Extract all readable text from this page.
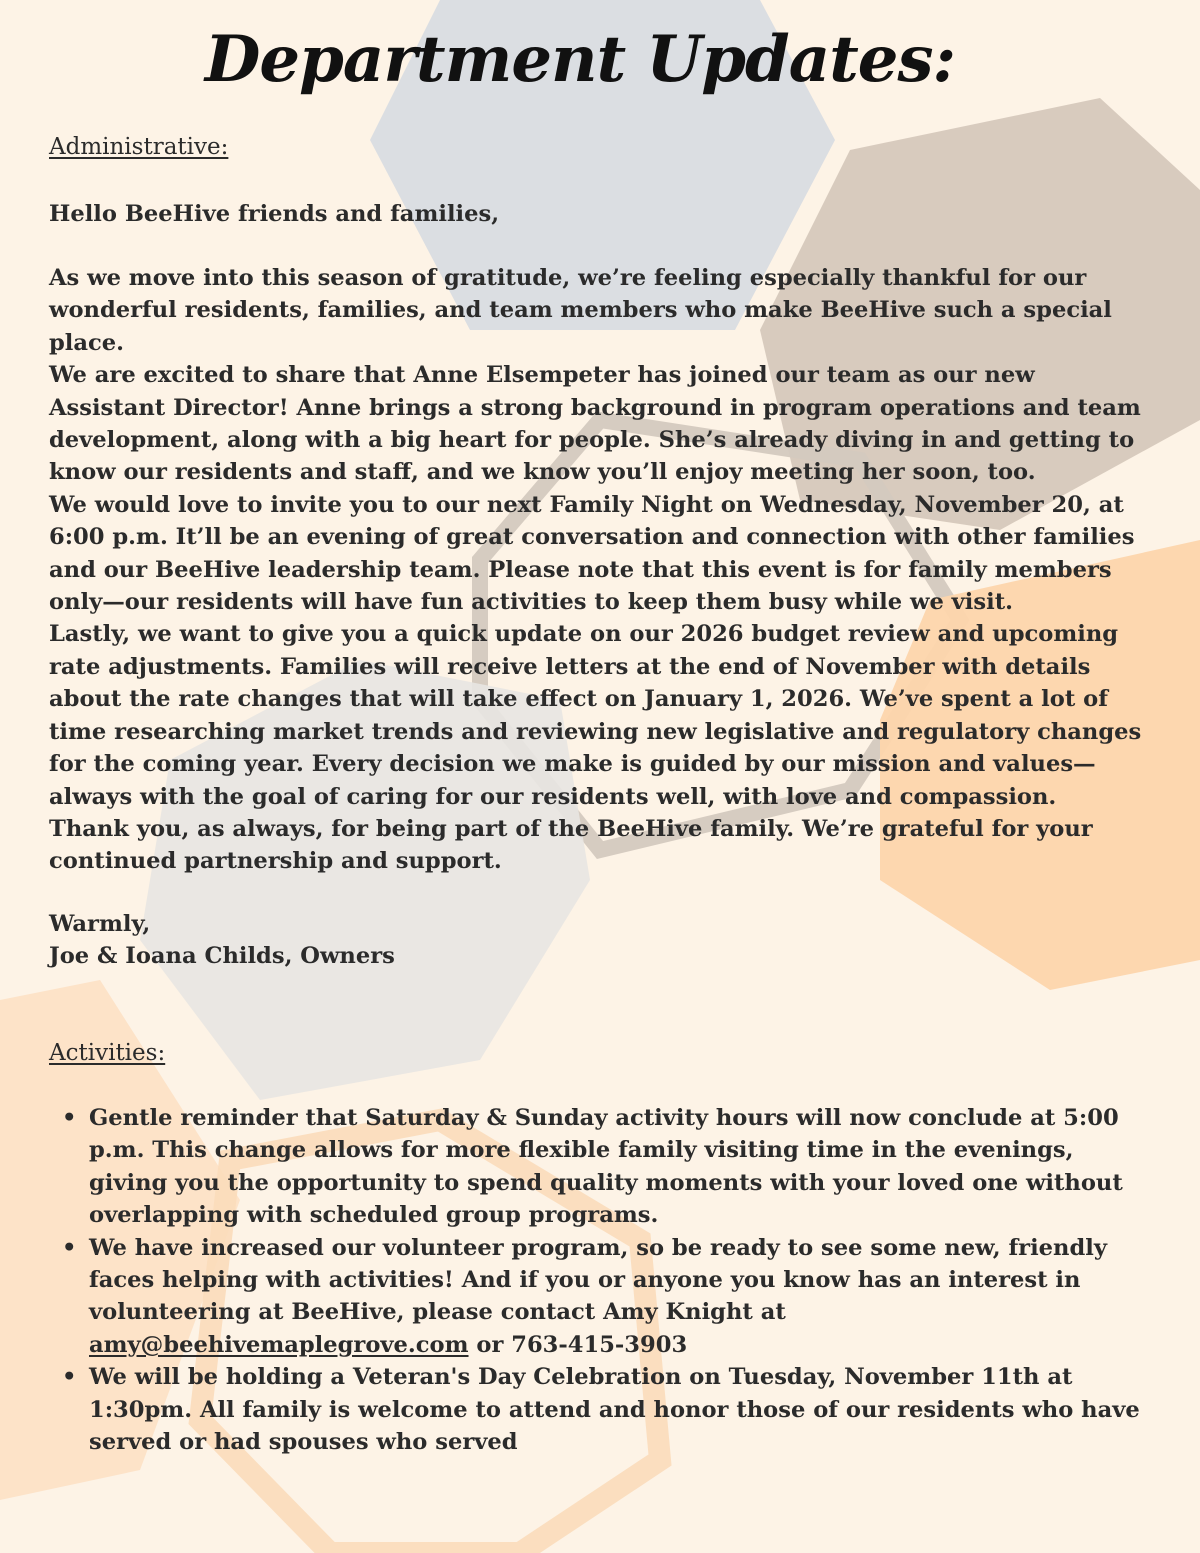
Department Updates:
Administrative:

Hello BeeHive friends and families,

As we move into this season of gratitude, we’re feeling especially thankful for our wonderful residents, families, and team members who make BeeHive such a special place.

We are excited to share that Anne Elsempeter has joined our team as our new Assistant Director! Anne brings a strong background in program operations and team development, along with a big heart for people. She’s already diving in and getting to know our residents and staff, and we know you’ll enjoy meeting her soon, too.

We would love to invite you to our next Family Night on Wednesday, November 20, at 6:00 p.m. It’ll be an evening of great conversation and connection with other families and our BeeHive leadership team. Please note that this event is for family members only—our residents will have fun activities to keep them busy while we visit.

Lastly, we want to give you a quick update on our 2026 budget review and upcoming rate adjustments. Families will receive letters at the end of November with details about the rate changes that will take effect on January 1, 2026. We’ve spent a lot of time researching market trends and reviewing new legislative and regulatory changes for the coming year. Every decision we make is guided by our mission and values—always with the goal of caring for our residents well, with love and compassion.

Thank you, as always, for being part of the BeeHive family. We’re grateful for your continued partnership and support.

Warmly,

Joe & Ioana Childs, Owners

Activities:
• Gentle reminder that Saturday & Sunday activity hours will now conclude at 5:00 p.m. This change allows for more flexible family visiting time in the evenings, giving you the opportunity to spend quality moments with your loved one without overlapping with scheduled group programs.
• We have increased our volunteer program, so be ready to see some new, friendly faces helping with activities! And if you or anyone you know has an interest in volunteering at BeeHive, please contact Amy Knight at amy@beehivemaplegrove.com or 763-415-3903
• We will be holding a Veteran's Day Celebration on Tuesday, November 11th at 1:30pm. All family is welcome to attend and honor those of our residents who have served or had spouses who served
